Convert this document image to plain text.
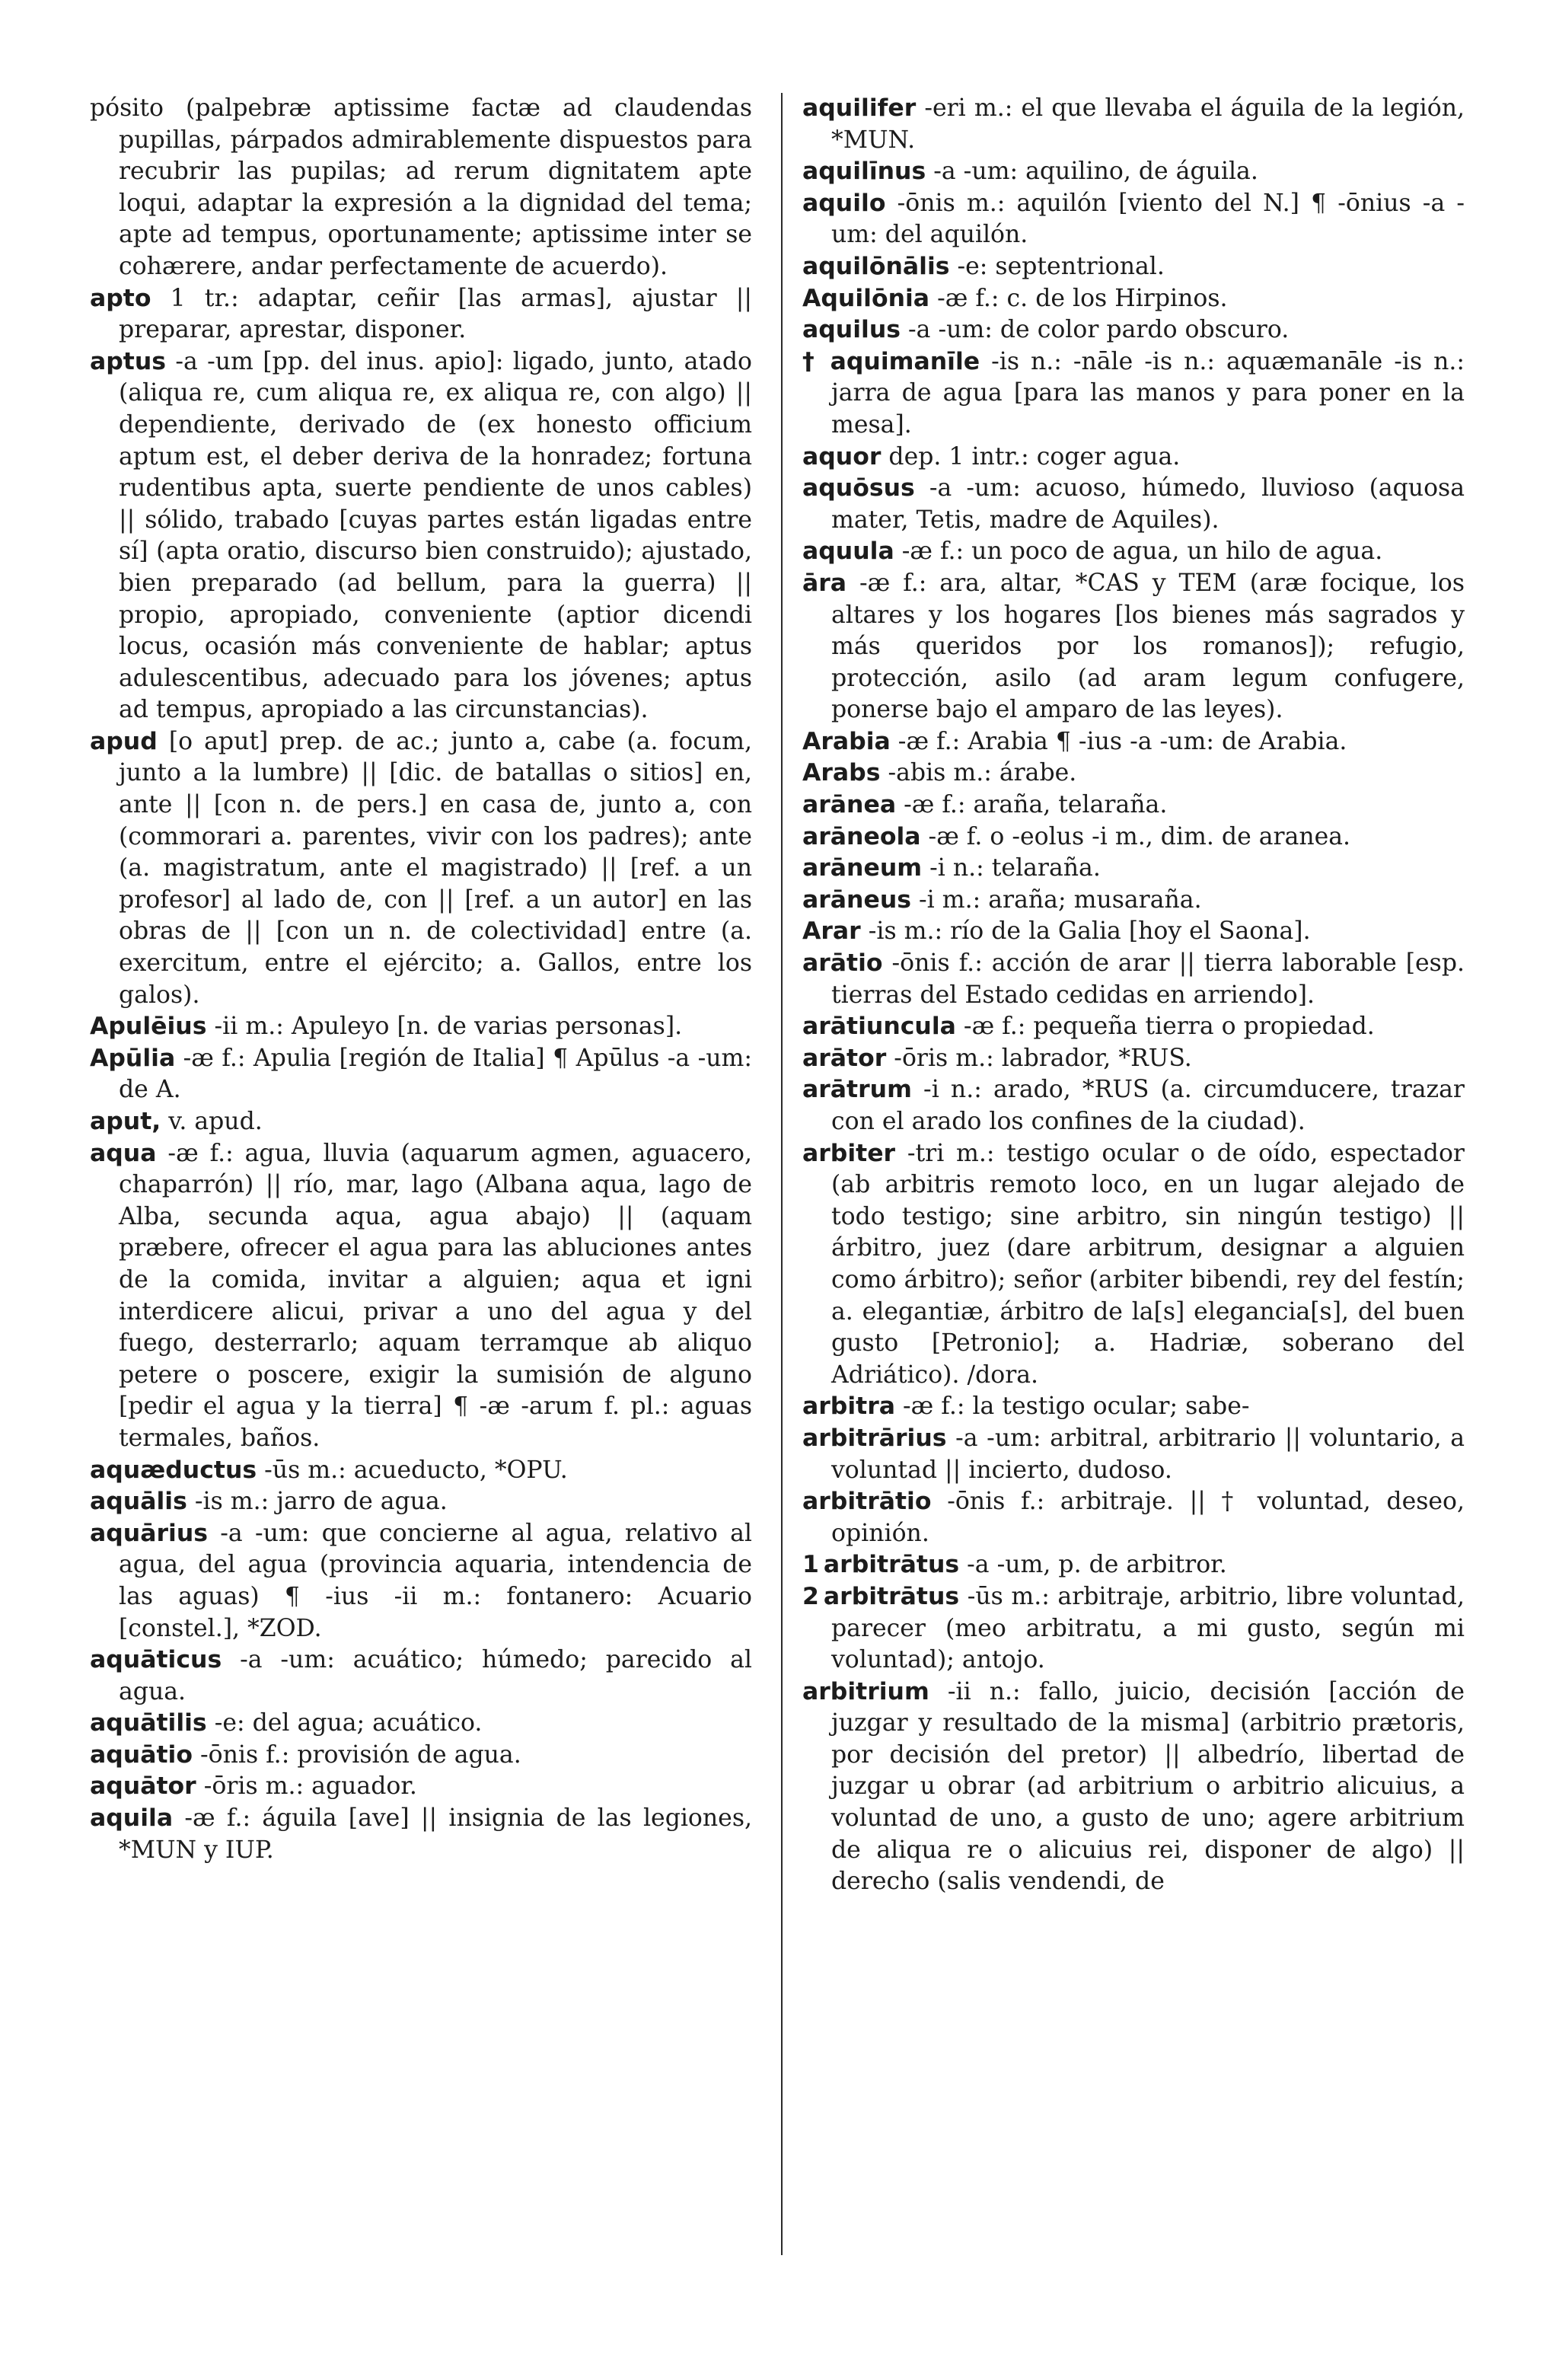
pósito (palpebræ aptissime factæ ad claudendas pupillas, párpados admirablemente dispuestos para recubrir las pupilas; ad rerum dignitatem apte loqui, adaptar la expresión a la dignidad del tema; apte ad tempus, oportunamente; aptissime inter se cohærere, andar perfectamente de acuerdo).

apto 1 tr.: adaptar, ceñir [las armas], ajustar || preparar, aprestar, disponer.

aptus -a -um [pp. del inus. apio]: ligado, junto, atado (aliqua re, cum aliqua re, ex aliqua re, con algo) || dependiente, derivado de (ex honesto officium aptum est, el deber deriva de la honradez; fortuna rudentibus apta, suerte pendiente de unos cables) || sólido, trabado [cuyas partes están ligadas entre sí] (apta oratio, discurso bien construido); ajustado, bien preparado (ad bellum, para la guerra) || propio, apropiado, conveniente (aptior dicendi locus, ocasión más conveniente de hablar; aptus adulescentibus, adecuado para los jóvenes; aptus ad tempus, apropiado a las circunstancias).

apud [o aput] prep. de ac.; junto a, cabe (a. focum, junto a la lumbre) || [dic. de batallas o sitios] en, ante || [con n. de pers.] en casa de, junto a, con (commorari a. parentes, vivir con los padres); ante (a. magistratum, ante el magistrado) || [ref. a un profesor] al lado de, con || [ref. a un autor] en las obras de || [con un n. de colectividad] entre (a. exercitum, entre el ejército; a. Gallos, entre los galos).

Apulēius -ii m.: Apuleyo [n. de varias personas].

Apūlia -æ f.: Apulia [región de Italia] ¶ Apūlus -a -um: de A.

aput, v. apud.

aqua -æ f.: agua, lluvia (aquarum agmen, aguacero, chaparrón) || río, mar, lago (Albana aqua, lago de Alba, secunda aqua, agua abajo) || (aquam præbere, ofrecer el agua para las abluciones antes de la comida, invitar a alguien; aqua et igni interdicere alicui, privar a uno del agua y del fuego, desterrarlo; aquam terramque ab aliquo petere o poscere, exigir la sumisión de alguno [pedir el agua y la tierra] ¶ -æ -arum f. pl.: aguas termales, baños.

aquæductus -ūs m.: acueducto, *OPU.

aquālis -is m.: jarro de agua.

aquārius -a -um: que concierne al agua, relativo al agua, del agua (provincia aquaria, intendencia de las aguas) ¶ -ius -ii m.: fontanero: Acuario [constel.], *ZOD.

aquāticus -a -um: acuático; húmedo; parecido al agua.

aquātilis -e: del agua; acuático.

aquātio -ōnis f.: provisión de agua.

aquātor -ōris m.: aguador.

aquila -æ f.: águila [ave] || insignia de las legiones, *MUN y IUP.

aquilifer -eri m.: el que llevaba el águila de la legión, *MUN.

aquilīnus -a -um: aquilino, de águila.

aquilo -ōnis m.: aquilón [viento del N.] ¶ -ōnius -a -um: del aquilón.

aquilōnālis -e: septentrional.

Aquilōnia -æ f.: c. de los Hirpinos.

aquilus -a -um: de color pardo obscuro.

† aquimanīle -is n.: -nāle -is n.: aquæmanāle -is n.: jarra de agua [para las manos y para poner en la mesa].

aquor dep. 1 intr.: coger agua.

aquōsus -a -um: acuoso, húmedo, lluvioso (aquosa mater, Tetis, madre de Aquiles).

aquula -æ f.: un poco de agua, un hilo de agua.

āra -æ f.: ara, altar, *CAS y TEM (aræ focique, los altares y los hogares [los bienes más sagrados y más queridos por los romanos]); refugio, protección, asilo (ad aram legum confugere, ponerse bajo el amparo de las leyes).

Arabia -æ f.: Arabia ¶ -ius -a -um: de Arabia.

Arabs -abis m.: árabe.

arānea -æ f.: araña, telaraña.

arāneola -æ f. o -eolus -i m., dim. de aranea.

arāneum -i n.: telaraña.

arāneus -i m.: araña; musaraña.

Arar -is m.: río de la Galia [hoy el Saona].

arātio -ōnis f.: acción de arar || tierra laborable [esp. tierras del Estado cedidas en arriendo].

arātiuncula -æ f.: pequeña tierra o propiedad.

arātor -ōris m.: labrador, *RUS.

arātrum -i n.: arado, *RUS (a. circumducere, trazar con el arado los confines de la ciudad).

arbiter -tri m.: testigo ocular o de oído, espectador (ab arbitris remoto loco, en un lugar alejado de todo testigo; sine arbitro, sin ningún testigo) || árbitro, juez (dare arbitrum, designar a alguien como árbitro); señor (arbiter bibendi, rey del festín; a. elegantiæ, árbitro de la[s] elegancia[s], del buen gusto [Petronio]; a. Hadriæ, soberano del Adriático). /dora.

arbitra -æ f.: la testigo ocular; sabe-

arbitrārius -a -um: arbitral, arbitrario || voluntario, a voluntad || incierto, dudoso.

arbitrātio -ōnis f.: arbitraje. || † voluntad, deseo, opinión.

1 arbitrātus -a -um, p. de arbitror.

2 arbitrātus -ūs m.: arbitraje, arbitrio, libre voluntad, parecer (meo arbitratu, a mi gusto, según mi voluntad); antojo.

arbitrium -ii n.: fallo, juicio, decisión [acción de juzgar y resultado de la misma] (arbitrio prætoris, por decisión del pretor) || albedrío, libertad de juzgar u obrar (ad arbitrium o arbitrio alicuius, a voluntad de uno, a gusto de uno; agere arbitrium de aliqua re o alicuius rei, disponer de algo) || derecho (salis vendendi, de
